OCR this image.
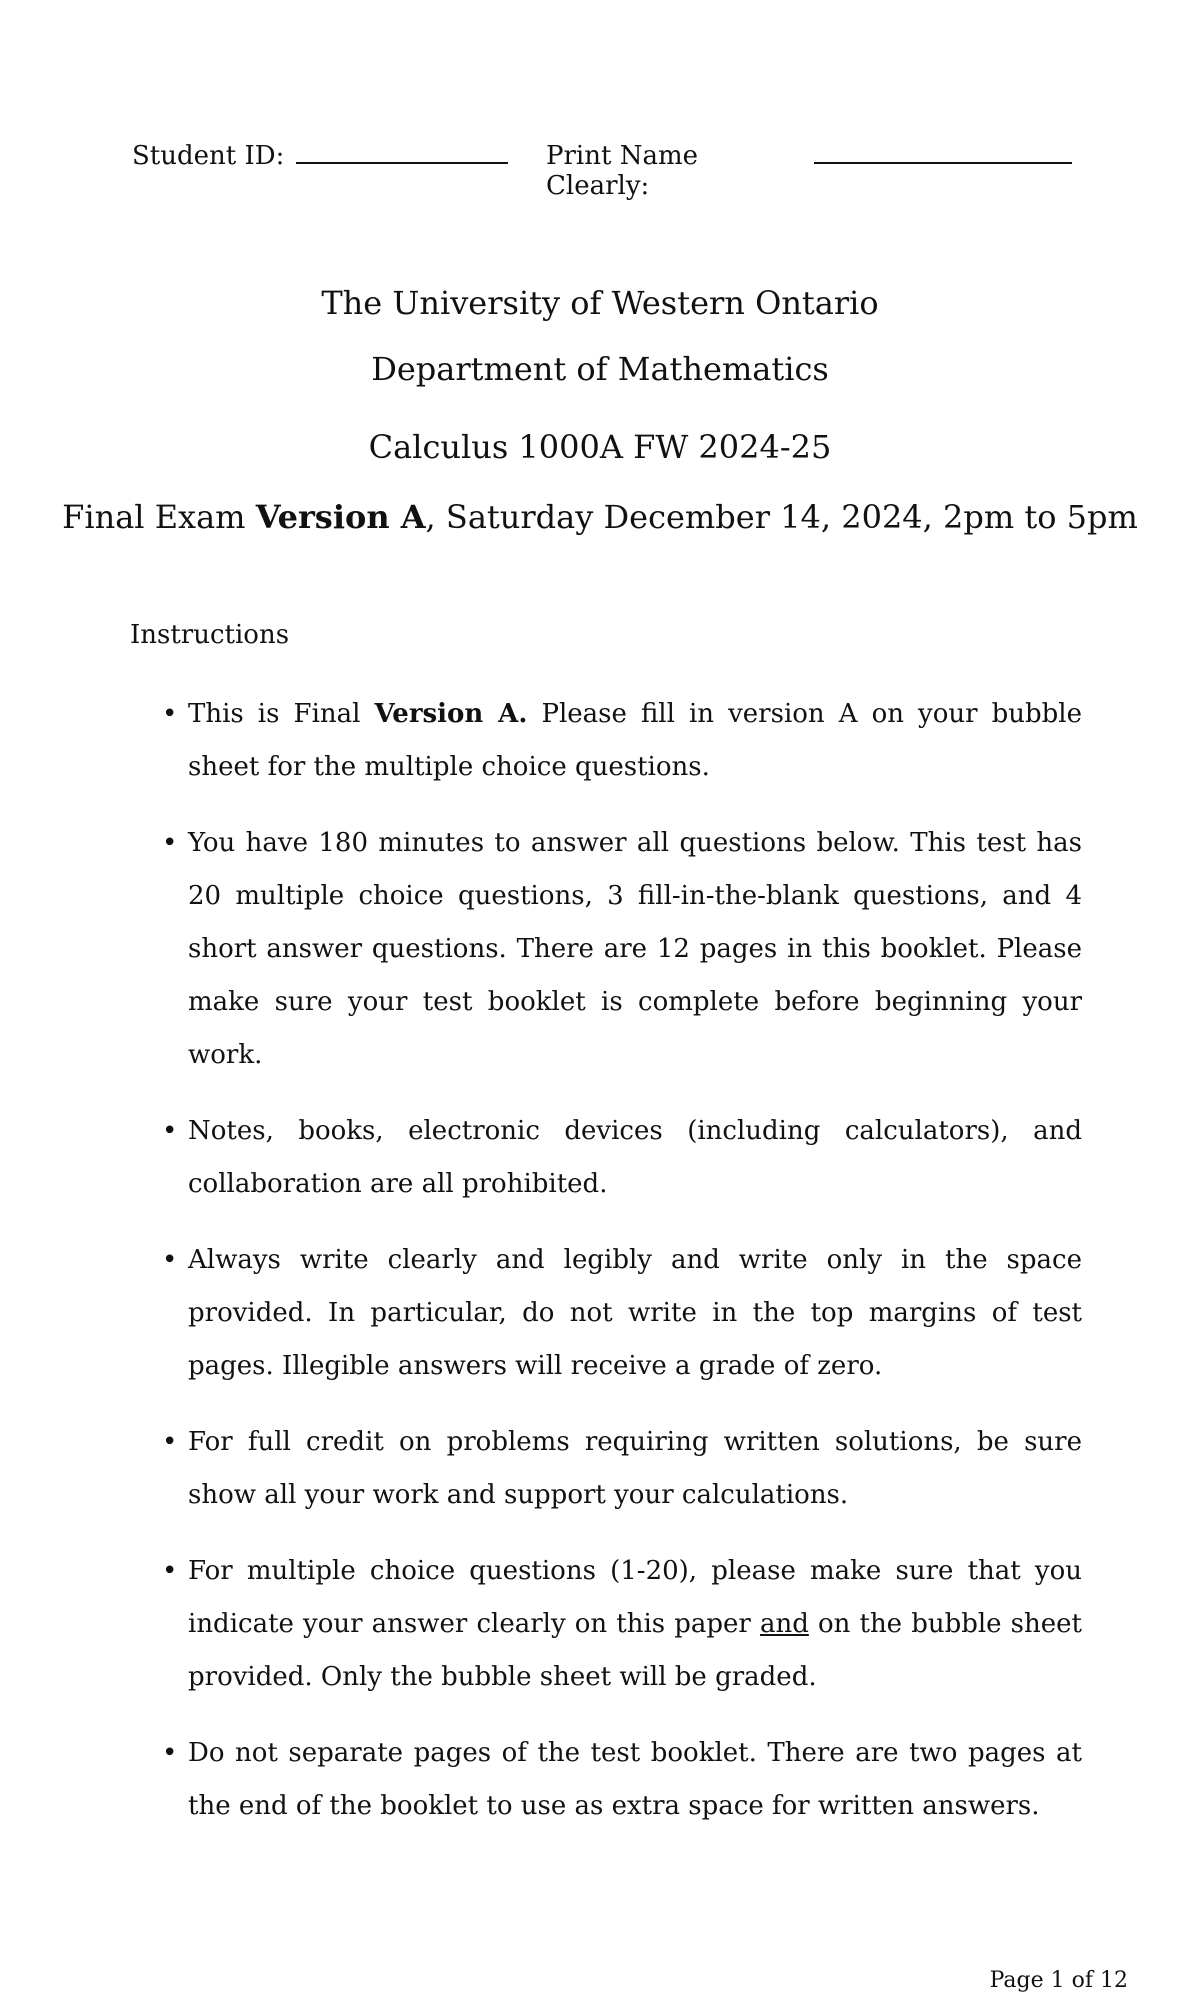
Student ID:	Print Name Clearly:
The University of Western Ontario
Department of Mathematics
Calculus 1000A FW 2024-25
Final Exam Version A, Saturday December 14, 2024, 2pm to 5pm
Instructions
• This is Final Version A. Please fill in version A on your bubble sheet for the multiple choice questions.
• You have 180 minutes to answer all questions below. This test has 20 multiple choice questions, 3 fill-in-the-blank questions, and 4 short answer questions. There are 12 pages in this booklet. Please make sure your test booklet is complete before beginning your work.
• Notes, books, electronic devices (including calculators), and collaboration are all prohibited.
• Always write clearly and legibly and write only in the space provided. In particular, do not write in the top margins of test pages. Illegible answers will receive a grade of zero.
• For full credit on problems requiring written solutions, be sure show all your work and support your calculations.
• For multiple choice questions (1-20), please make sure that you indicate your answer clearly on this paper and on the bubble sheet provided. Only the bubble sheet will be graded.
• Do not separate pages of the test booklet. There are two pages at the end of the booklet to use as extra space for written answers.
Page 1 of 12
